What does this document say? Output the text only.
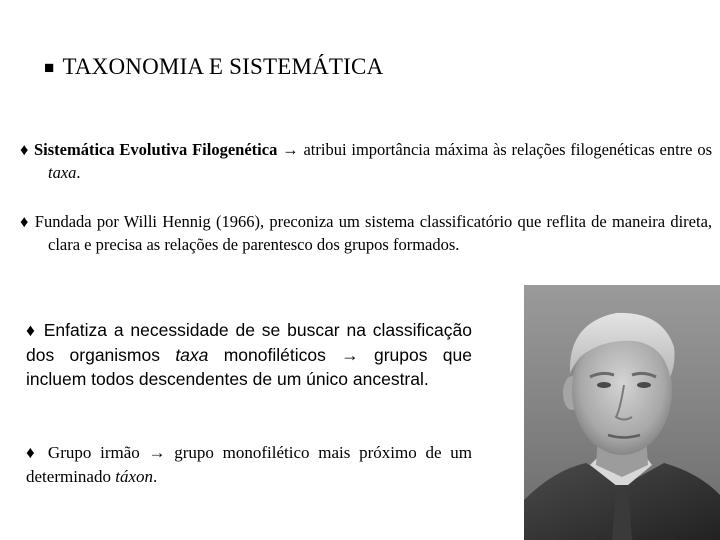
■ TAXONOMIA E SISTEMÁTICA
♦ Sistemática Evolutiva Filogenética → atribui importância máxima às relações filogenéticas entre os taxa.
♦ Fundada por Willi Hennig (1966), preconiza um sistema classificatório que reflita de maneira direta, clara e precisa as relações de parentesco dos grupos formados.
♦ Enfatiza a necessidade de se buscar na classificação dos organismos taxa monofiléticos → grupos que incluem todos descendentes de um único ancestral.
♦ Grupo irmão → grupo monofilético mais próximo de um determinado táxon.
